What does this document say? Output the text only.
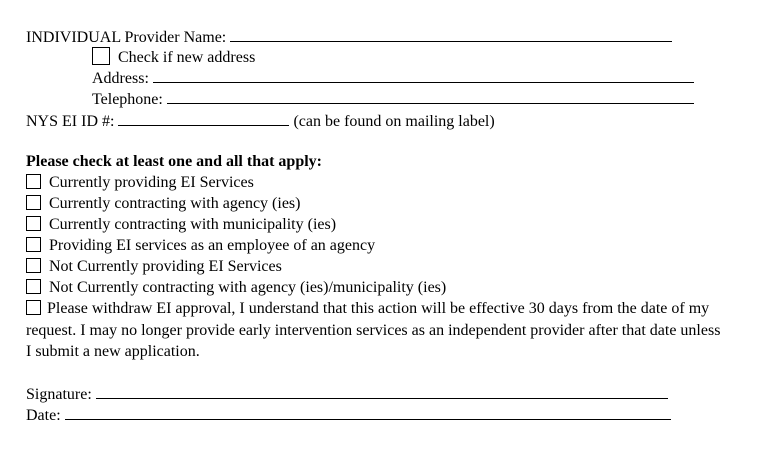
INDIVIDUAL Provider Name:
Check if new address
Address:
Telephone:
NYS EI ID #:	(can be found on mailing label)
Please check at least one and all that apply:
Currently providing EI Services
Currently contracting with agency (ies)
Currently contracting with municipality (ies)
Providing EI services as an employee of an agency
Not Currently providing EI Services
Not Currently contracting with agency (ies)/municipality (ies)
Please withdraw EI approval, I understand that this action will be effective 30 days from the date of my request. I may no longer provide early intervention services as an independent provider after that date unless I submit a new application.
Signature:
Date:
